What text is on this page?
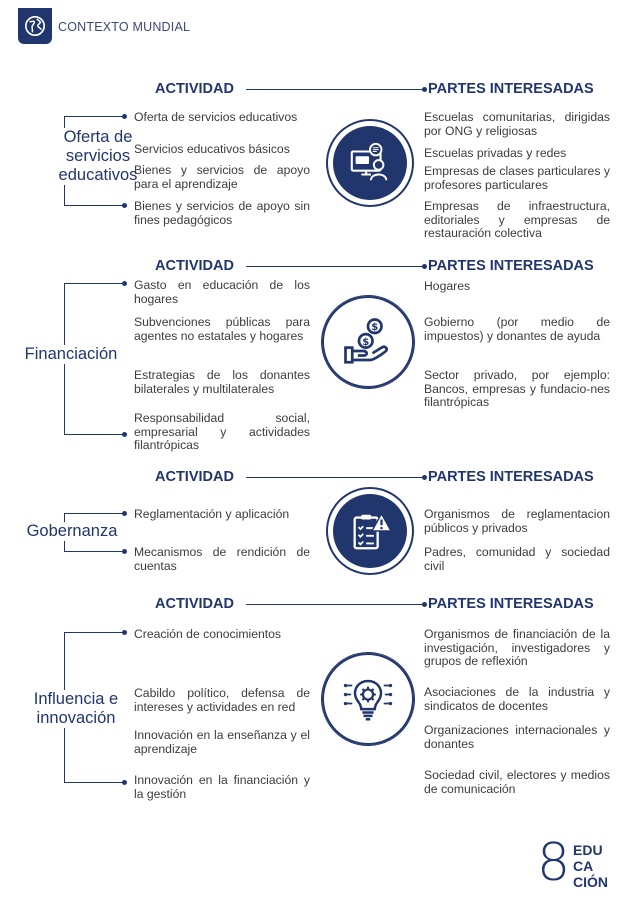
CONTEXTO MUNDIAL
ACTIVIDAD	PARTES INTERESADAS
Oferta de servicios educativos
Oferta de servicios educativos
Servicios educativos básicos
Bienes y servicios de apoyo para el aprendizaje
Bienes y servicios de apoyo sin fines pedagógicos
Escuelas comunitarias, dirigidas por ONG y religiosas
Escuelas privadas y redes
Empresas de clases particulares y profesores particulares
Empresas de infraestructura, editoriales y empresas de restauración colectiva
ACTIVIDAD	PARTES INTERESADAS
Financiación
Gasto en educación de los hogares
Subvenciones públicas para agentes no estatales y hogares
Estrategias de los donantes bilaterales y multilaterales
Responsabilidad social, empresarial y actividades filantrópicas
$
$
Hogares
Gobierno (por medio de impuestos) y donantes de ayuda
Sector privado, por ejemplo: Bancos, empresas y fundacio-nes filantrópicas
ACTIVIDAD	PARTES INTERESADAS
Gobernanza
Reglamentación y aplicación
Mecanismos de rendición de cuentas
Organismos de reglamentacion públicos y privados
Padres, comunidad y sociedad civil
ACTIVIDAD	PARTES INTERESADAS
Influencia e innovación
Creación de conocimientos
Cabildo político, defensa de intereses y actividades en red
Innovación en la enseñanza y el aprendizaje
Innovación en la financiación y la gestión
Organismos de financiación de la investigación, investigadores y grupos de reflexión
Asociaciones de la industria y sindicatos de docentes
Organizaciones internacionales y donantes
Sociedad civil, electores y medios de comunicación
8 EDU
CA
CIÓN
